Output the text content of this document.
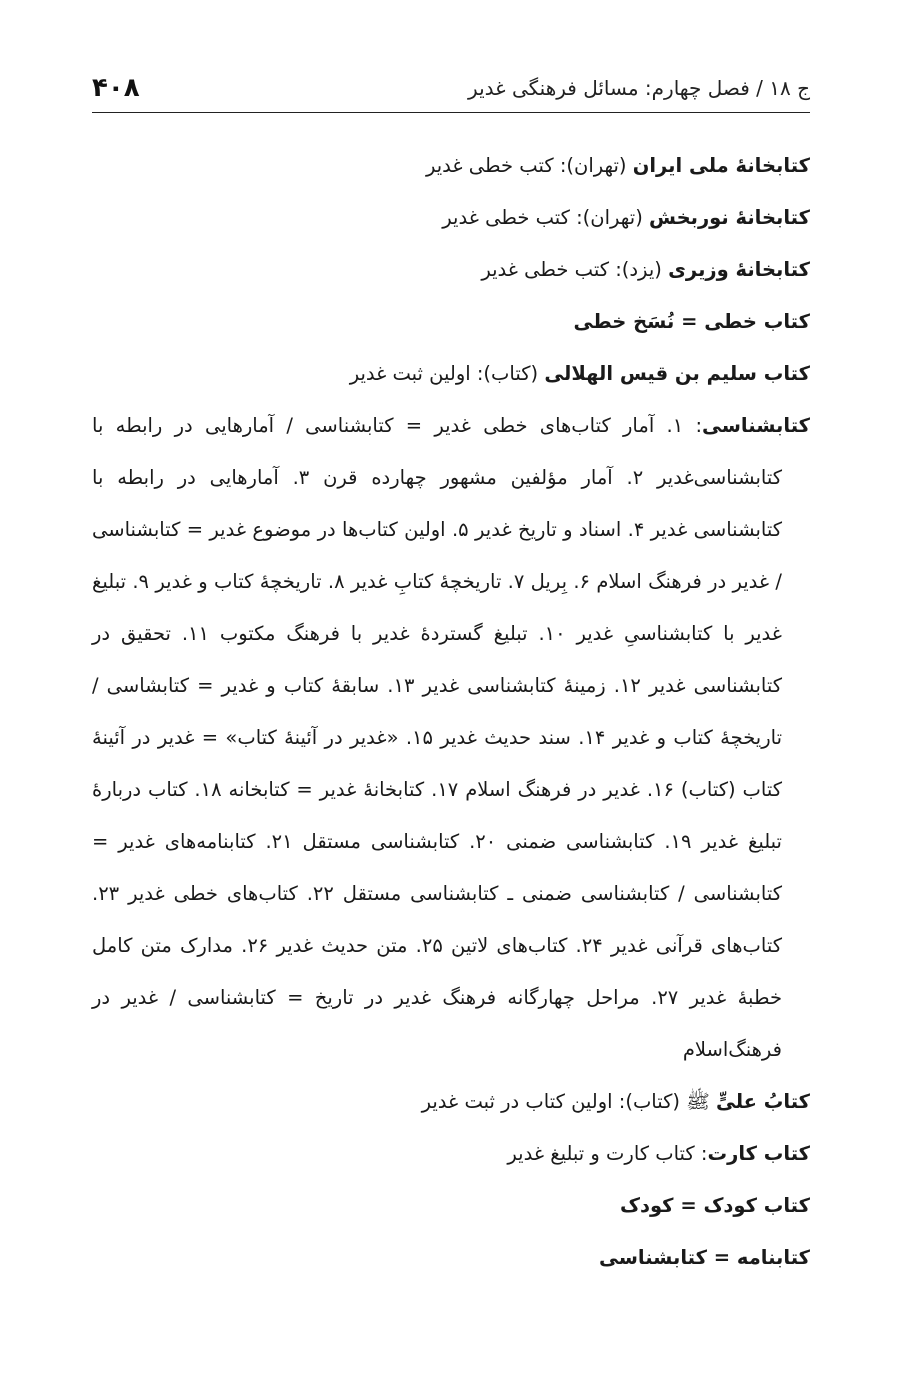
ج ۱۸ / فصل چهارم: مسائل فرهنگی غدیر
۴۰۸

کتابخانهٔ ملی ایران (تهران): کتب خطی غدیر

کتابخانهٔ نوربخش (تهران): کتب خطی غدیر

کتابخانهٔ وزیری (یزد): کتب خطی غدیر

کتاب خطی = نُسَخ خطی

کتاب سلیم بن قیس الهلالی (کتاب): اولین ثبت غدیر

کتابشناسی: ۱. آمار کتاب‌های خطی غدیر = کتابشناسی / آمارهایی در رابطه با کتابشناسی‌غدیر ۲. آمار مؤلفین مشهور چهارده قرن ۳. آمارهایی در رابطه با کتابشناسی غدیر ۴. اسناد و تاریخ غدیر ۵. اولین کتاب‌ها در موضوع غدیر = کتابشناسی / غدیر در فرهنگ اسلام ۶. بِریل ۷. تاریخچهٔ کتابِ غدیر ۸. تاریخچهٔ کتاب و غدیر ۹. تبلیغ غدیر با کتابشناسیِ غدیر ۱۰. تبلیغ گستردهٔ غدیر با فرهنگ مکتوب ۱۱. تحقیق در کتابشناسی غدیر ۱۲. زمینهٔ کتابشناسی غدیر ۱۳. سابقهٔ کتاب و غدیر = کتابشاسی / تاریخچهٔ کتاب و غدیر ۱۴. سند حدیث غدیر ۱۵. «غدیر در آئینهٔ کتاب» = غدیر در آئینهٔ کتاب (کتاب) ۱۶. غدیر در فرهنگ اسلام ۱۷. کتابخانهٔ غدیر = کتابخانه ۱۸. کتاب دربارهٔ تبلیغ غدیر ۱۹. کتابشناسی ضمنی ۲۰. کتابشناسی مستقل ۲۱. کتابنامه‌های غدیر = کتابشناسی / کتابشناسی ضمنی ـ کتابشناسی مستقل ۲۲. کتاب‌های خطی غدیر ۲۳. کتاب‌های قرآنی غدیر ۲۴. کتاب‌های لاتین ۲۵. متن حدیث غدیر ۲۶. مدارک متن کامل خطبهٔ غدیر ۲۷. مراحل چهارگانه فرهنگ غدیر در تاریخ = کتابشناسی / غدیر در فرهنگ‌اسلام

کتابُ علیٍّ ﷺ (کتاب): اولین کتاب در ثبت غدیر

کتاب کارت: کتاب کارت و تبلیغ غدیر

کتاب کودک = کودک

کتابنامه = کتابشناسی
